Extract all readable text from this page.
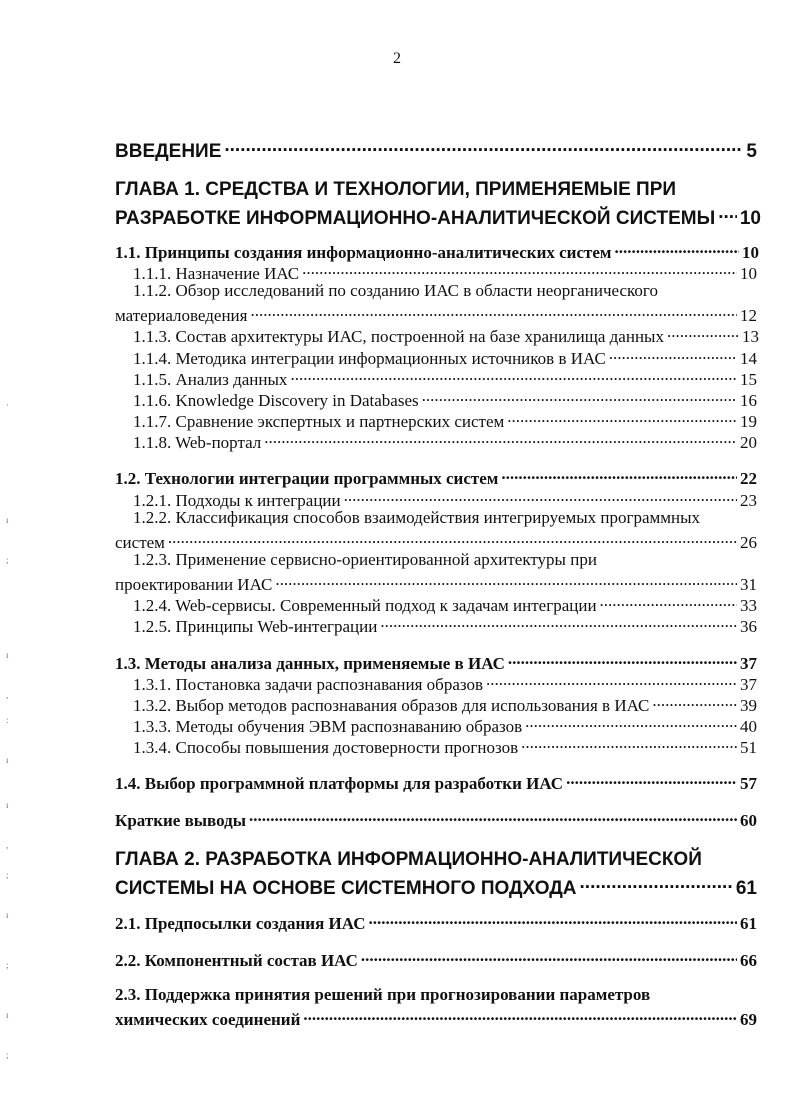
2
ВВЕДЕНИЕ .....	5
ГЛАВА 1. СРЕДСТВА И ТЕХНОЛОГИИ, ПРИМЕНЯЕМЫЕ ПРИ
РАЗРАБОТКЕ ИНФОРМАЦИОННО-АНАЛИТИЧЕСКОЙ СИСТЕМЫ ..... 10
1.1. Принципы создания информационно-аналитических систем .....	10
1.1.1. Назначение ИАС .....	10
1.1.2. Обзор исследований по созданию ИАС в области неорганического
материаловедения .....	12
1.1.3. Состав архитектуры ИАС, построенной на базе хранилища данных .....	13
1.1.4. Методика интеграции информационных источников в ИАС .....	14
1.1.5. Анализ данных .....	15
1.1.6. Knowledge Discovery in Databases .....	16
1.1.7. Сравнение экспертных и партнерских систем .....	19
1.1.8. Web-портал .....	20
1.2. Технологии интеграции программных систем .....	22
1.2.1. Подходы к интеграции .....	23
1.2.2. Классификация способов взаимодействия интегрируемых программных
систем .....	26
1.2.3. Применение сервисно-ориентированной архитектуры при
проектировании ИАС .....	31
1.2.4. Web-сервисы. Современный подход к задачам интеграции .....	33
1.2.5. Принципы Web-интеграции .....	36
1.3. Методы анализа данных, применяемые в ИАС .....	37
1.3.1. Постановка задачи распознавания образов .....	37
1.3.2. Выбор методов распознавания образов для использования в ИАС .....	39
1.3.3. Методы обучения ЭВМ распознаванию образов .....	40
1.3.4. Способы повышения достоверности прогнозов .....	51
1.4. Выбор программной платформы для разработки ИАС .....	57
Краткие выводы .....	60
ГЛАВА 2. РАЗРАБОТКА ИНФОРМАЦИОННО-АНАЛИТИЧЕСКОЙ
СИСТЕМЫ НА ОСНОВЕ СИСТЕМНОГО ПОДХОДА .....	61
2.1. Предпосылки создания ИАС .....	61
2.2. Компонентный состав ИАС .....	66
2.3. Поддержка принятия решений при прогнозировании параметров
химических соединений .....	69
·
ı
;
ı
,
:
ı
ı
,
;
ı
;
ı
;
